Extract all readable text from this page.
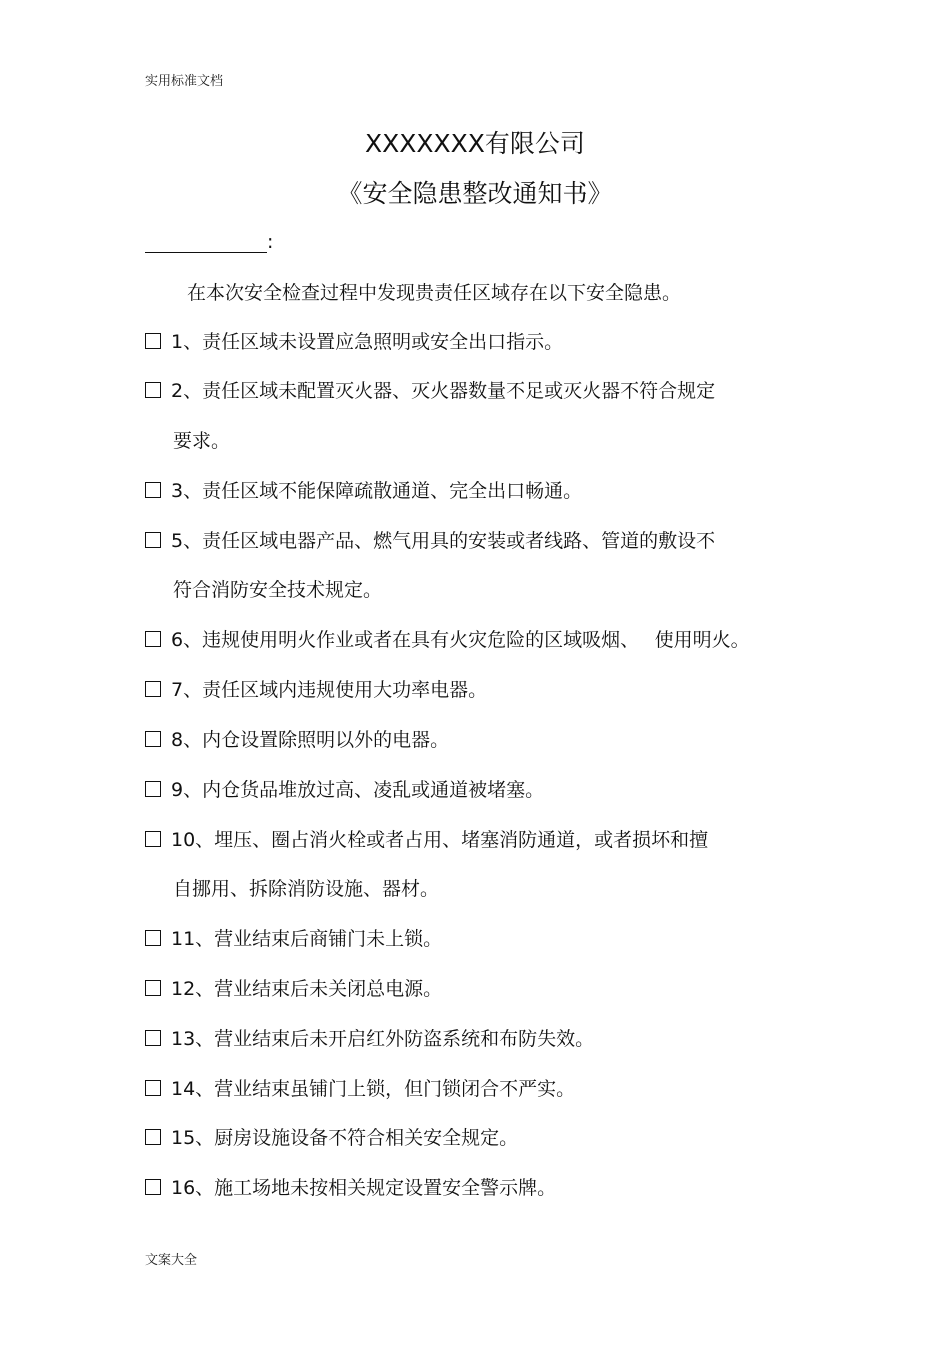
实用标准文档
XXXXXXX有限公司
《安全隐患整改通知书》
:
在本次安全检查过程中发现贵责任区域存在以下安全隐患。
1、责任区域未设置应急照明或安全出口指示。
2、责任区域未配置灭火器、灭火器数量不足或灭火器不符合规定
要求。
3、责任区域不能保障疏散通道、完全出口畅通。
5、责任区域电器产品、燃气用具的安装或者线路、管道的敷设不
符合消防安全技术规定。
6、违规使用明火作业或者在具有火灾危险的区域吸烟、　 使用明火。
7、责任区域内违规使用大功率电器。
8、内仓设置除照明以外的电器。
9、内仓货品堆放过高、凌乱或通道被堵塞。
10、埋压、圈占消火栓或者占用、堵塞消防通道，或者损坏和擅
自挪用、拆除消防设施、器材。
11、营业结束后商铺门未上锁。
12、营业结束后未关闭总电源。
13、营业结束后未开启红外防盗系统和布防失效。
14、营业结束虽铺门上锁，但门锁闭合不严实。
15、厨房设施设备不符合相关安全规定。
16、施工场地未按相关规定设置安全警示牌。
文案大全
